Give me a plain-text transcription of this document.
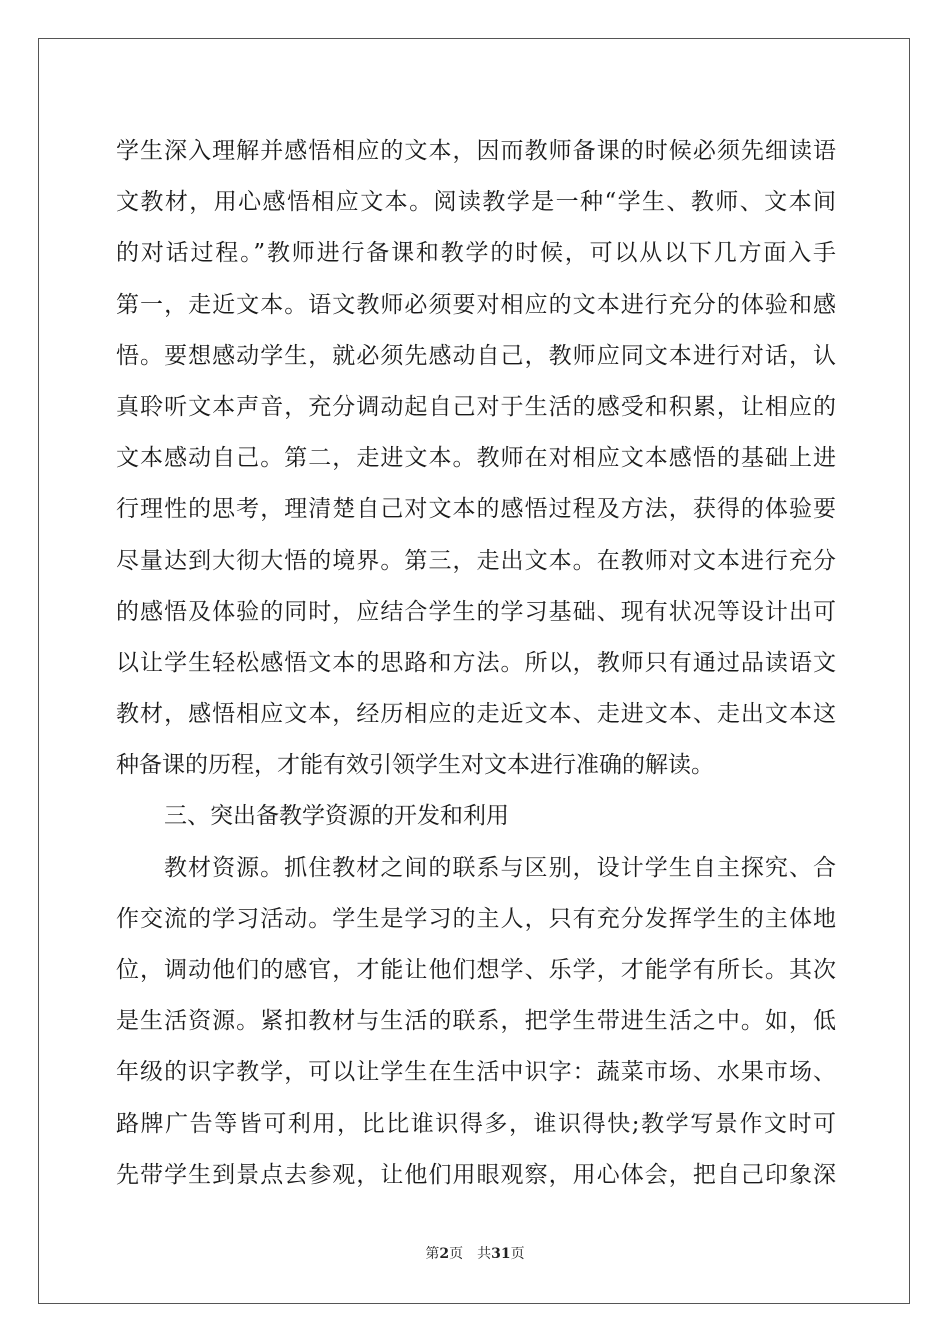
学生深入理解并感悟相应的文本，因而教师备课的时候必须先细读语
文教材，用心感悟相应文本。阅读教学是一种“学生、教师、文本间
的对话过程。”教师进行备课和教学的时候，可以从以下几方面入手
第一，走近文本。语文教师必须要对相应的文本进行充分的体验和感
悟。要想感动学生，就必须先感动自己，教师应同文本进行对话，认
真聆听文本声音，充分调动起自己对于生活的感受和积累，让相应的
文本感动自己。第二，走进文本。教师在对相应文本感悟的基础上进
行理性的思考，理清楚自己对文本的感悟过程及方法，获得的体验要
尽量达到大彻大悟的境界。第三，走出文本。在教师对文本进行充分
的感悟及体验的同时，应结合学生的学习基础、现有状况等设计出可
以让学生轻松感悟文本的思路和方法。所以，教师只有通过品读语文
教材，感悟相应文本，经历相应的走近文本、走进文本、走出文本这
种备课的历程，才能有效引领学生对文本进行准确的解读。
三、突出备教学资源的开发和利用
教材资源。抓住教材之间的联系与区别，设计学生自主探究、合
作交流的学习活动。学生是学习的主人，只有充分发挥学生的主体地
位，调动他们的感官，才能让他们想学、乐学，才能学有所长。其次
是生活资源。紧扣教材与生活的联系，把学生带进生活之中。如，低
年级的识字教学，可以让学生在生活中识字：蔬菜市场、水果市场、
路牌广告等皆可利用，比比谁识得多，谁识得快;教学写景作文时可
先带学生到景点去参观，让他们用眼观察，用心体会，把自己印象深
第2页 共31页
